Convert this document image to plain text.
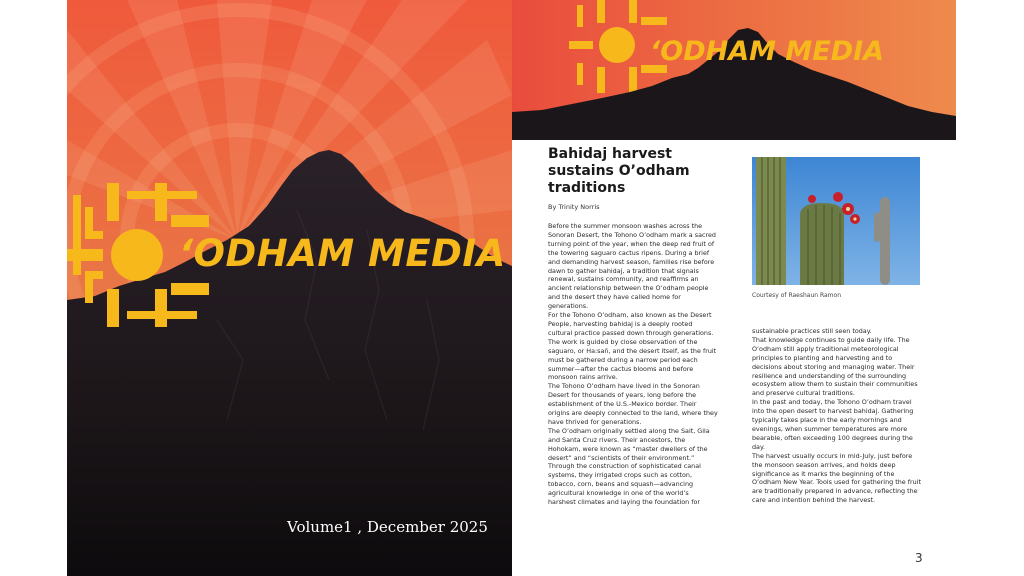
‘ODHAM MEDIA
Volume1 , December 2025
‘ODHAM MEDIA
Bahidaj harvest sustains O’odham traditions
By Trinity Norris

Before the summer monsoon washes across the Sonoran Desert, the Tohono O’odham mark a sacred turning point of the year, when the deep red fruit of the towering saguaro cactus ripens. During a brief and demanding harvest season, families rise before dawn to gather bahidaj, a tradition that signals renewal, sustains community, and reaffirms an ancient relationship between the O’odham people and the desert they have called home for generations.

For the Tohono O’odham, also known as the Desert People, harvesting bahidaj is a deeply rooted cultural practice passed down through generations. The work is guided by close observation of the saguaro, or Ha:sañ, and the desert itself, as the fruit must be gathered during a narrow period each summer—after the cactus blooms and before monsoon rains arrive.

The Tohono O’odham have lived in the Sonoran Desert for thousands of years, long before the establishment of the U.S.-Mexico border. Their origins are deeply connected to the land, where they have thrived for generations.

The O’odham originally settled along the Salt, Gila and Santa Cruz rivers. Their ancestors, the Hohokam, were known as “master dwellers of the desert” and “scientists of their environment.” Through the construction of sophisticated canal systems, they irrigated crops such as cotton, tobacco, corn, beans and squash—advancing agricultural knowledge in one of the world’s harshest climates and laying the foundation for

Courtesy of Raeshaun Ramon

sustainable practices still seen today.

That knowledge continues to guide daily life. The O’odham still apply traditional meteorological principles to planting and harvesting and to decisions about storing and managing water. Their resilience and understanding of the surrounding ecosystem allow them to sustain their communities and preserve cultural traditions.

In the past and today, the Tohono O’odham travel into the open desert to harvest bahidaj. Gathering typically takes place in the early mornings and evenings, when summer temperatures are more bearable, often exceeding 100 degrees during the day.

The harvest usually occurs in mid-July, just before the monsoon season arrives, and holds deep significance as it marks the beginning of the O’odham New Year. Tools used for gathering the fruit are traditionally prepared in advance, reflecting the care and intention behind the harvest.

3
